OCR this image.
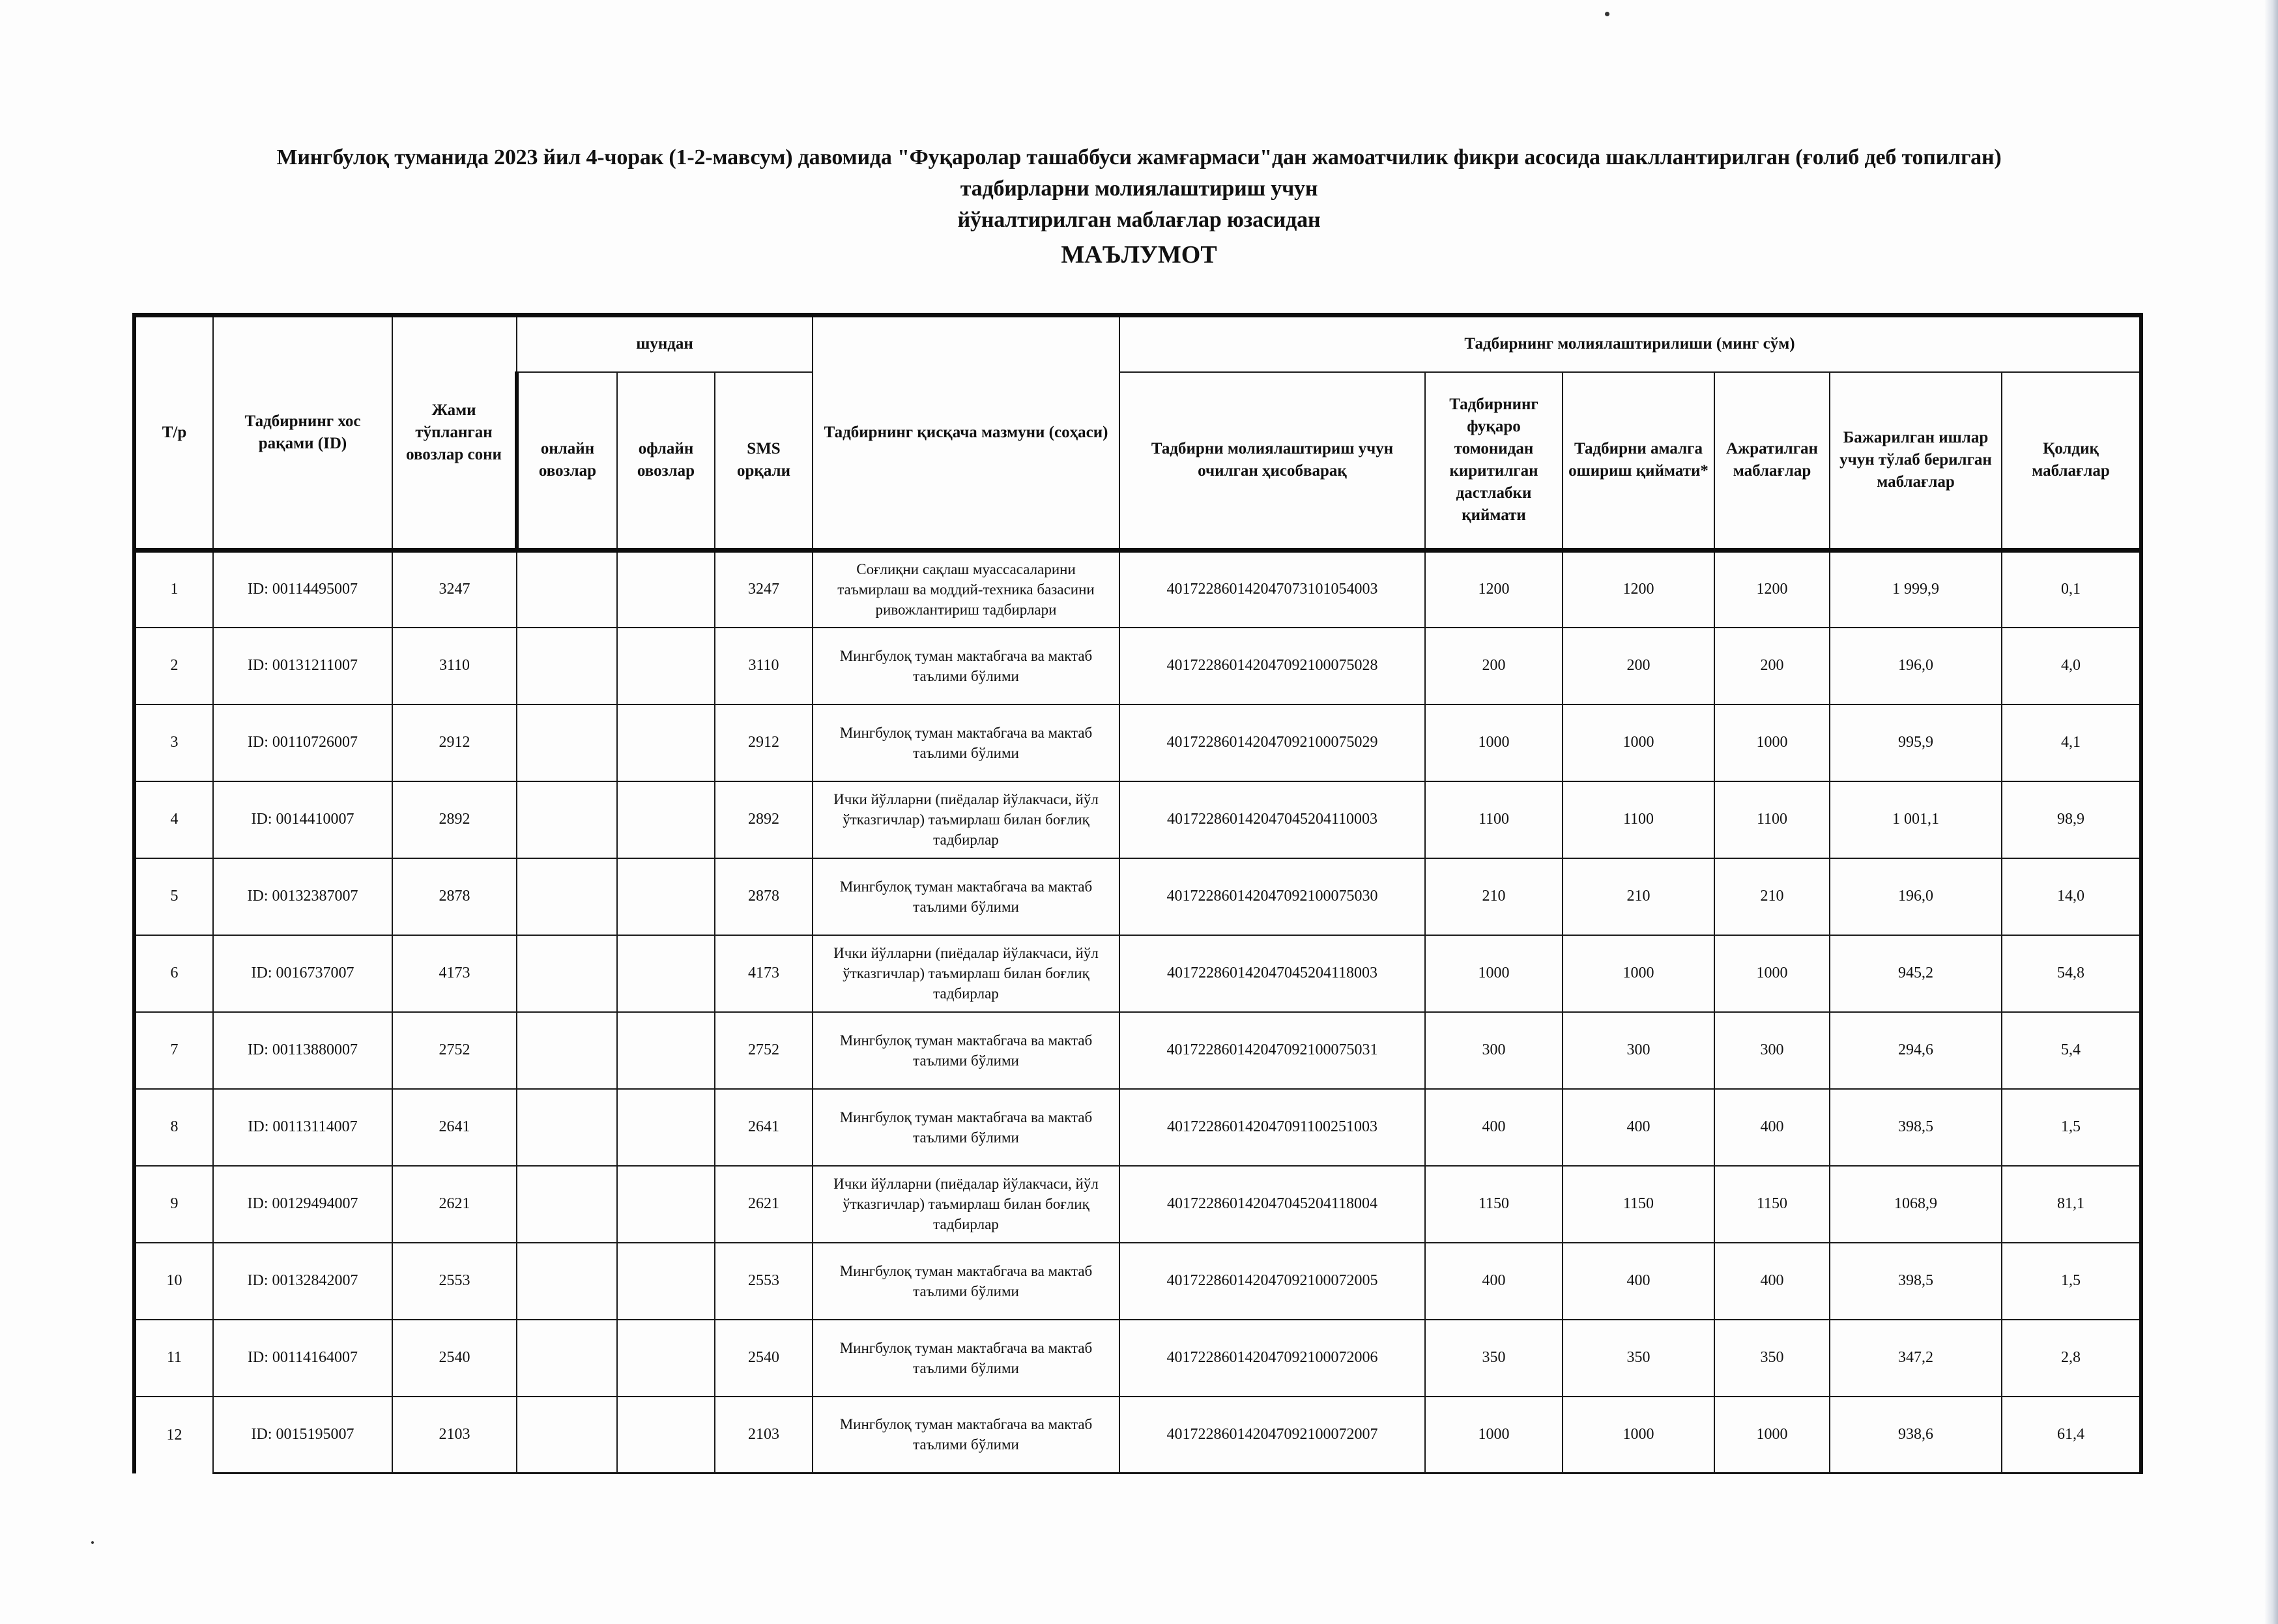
Мингбулоқ туманида 2023 йил 4-чорак (1-2-мавсум) давомида "Фуқаролар ташаббуси жамғармаси"дан жамоатчилик фикри асосида шакллантирилган (ғолиб деб топилган)
тадбирларни молиялаштириш учун
йўналтирилган маблағлар юзасидан
МАЪЛУМОТ
Т/р	Тадбирнинг хос рақами (ID)	Жами тўпланган овозлар сони	шундан			Тадбирнинг қисқача мазмуни (соҳаси)	Тадбирнинг молиялаштирилиши (минг сўм)					
			онлайн овозлар	офлайн овозлар	SMS орқали		Тадбирни молиялаштириш учун очилган ҳисобварақ	Тадбирнинг фуқаро томонидан киритилган дастлабки қиймати	Тадбирни амалга ошириш қиймати*	Ажратилган маблағлар	Бажарилган ишлар учун тўлаб берилган маблағлар	Қолдиқ маблағлар
1	ID: 00114495007	3247			3247	Соғлиқни сақлаш муассасаларини таъмирлаш ва моддий-техника базасини ривожлантириш тадбирлари	40172286014204707310105400З	1200	1200	1200	1 999,9	0,1
2	ID: 00131211007	3110			3110	Мингбулоқ туман мактабгача ва мактаб таълими бўлими	401722860142047092100075028	200	200	200	196,0	4,0
3	ID: 00110726007	2912			2912	Мингбулоқ туман мактабгача ва мактаб таълими бўлими	401722860142047092100075029	1000	1000	1000	995,9	4,1
4	ID: 0014410007	2892			2892	Ички йўлларни (пиёдалар йўлакчаси, йўл ўтказгичлар) таъмирлаш билан боғлиқ тадбирлар	401722860142047045204110003	1100	1100	1100	1 001,1	98,9
5	ID: 00132387007	2878			2878	Мингбулоқ туман мактабгача ва мактаб таълими бўлими	401722860142047092100075030	210	210	210	196,0	14,0
6	ID: 0016737007	4173			4173	Ички йўлларни (пиёдалар йўлакчаси, йўл ўтказгичлар) таъмирлаш билан боғлиқ тадбирлар	401722860142047045204118003	1000	1000	1000	945,2	54,8
7	ID: 00113880007	2752			2752	Мингбулоқ туман мактабгача ва мактаб таълими бўлими	401722860142047092100075031	300	300	300	294,6	5,4
8	ID: 00113114007	2641			2641	Мингбулоқ туман мактабгача ва мактаб таълими бўлими	401722860142047091100251003	400	400	400	398,5	1,5
9	ID: 00129494007	2621			2621	Ички йўлларни (пиёдалар йўлакчаси, йўл ўтказгичлар) таъмирлаш билан боғлиқ тадбирлар	401722860142047045204118004	1150	1150	1150	1068,9	81,1
10	ID: 00132842007	2553			2553	Мингбулоқ туман мактабгача ва мактаб таълими бўлими	401722860142047092100072005	400	400	400	398,5	1,5
11	ID: 00114164007	2540			2540	Мингбулоқ туман мактабгача ва мактаб таълими бўлими	401722860142047092100072006	350	350	350	347,2	2,8
12	ID: 0015195007	2103			2103	Мингбулоқ туман мактабгача ва мактаб таълими бўлими	401722860142047092100072007	1000	1000	1000	938,6	61,4
